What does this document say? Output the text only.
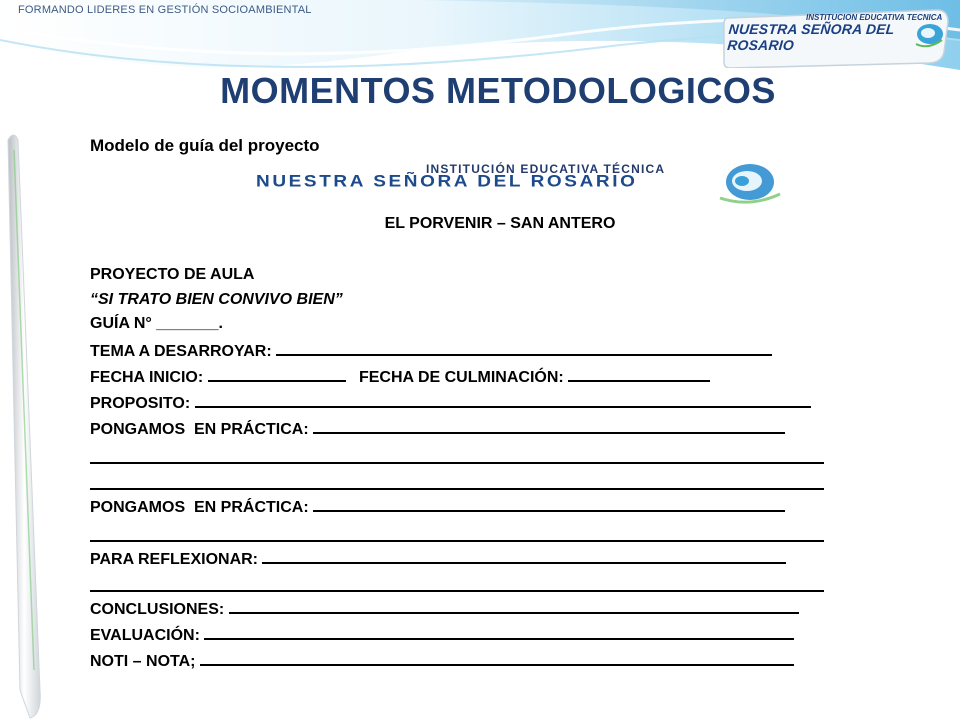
FORMANDO LIDERES EN GESTIÓN SOCIOAMBIENTAL
INSTITUCION EDUCATIVA TECNICA
NUESTRA SEÑORA DEL ROSARIO
MOMENTOS METODOLOGICOS
Modelo de guía del proyecto
INSTITUCIÓN EDUCATIVA TÉCNICA
NUESTRA SEÑORA DEL ROSARIO
EL PORVENIR – SAN ANTERO
PROYECTO DE AULA
“SI TRATO BIEN CONVIVO BIEN”
GUÍA N° _______.
TEMA A DESARROYAR:
FECHA INICIO:	FECHA DE CULMINACIÓN:
PROPOSITO:
PONGAMOS  EN PRÁCTICA:
PONGAMOS  EN PRÁCTICA:
PARA REFLEXIONAR:
CONCLUSIONES:
EVALUACIÓN:
NOTI – NOTA;
